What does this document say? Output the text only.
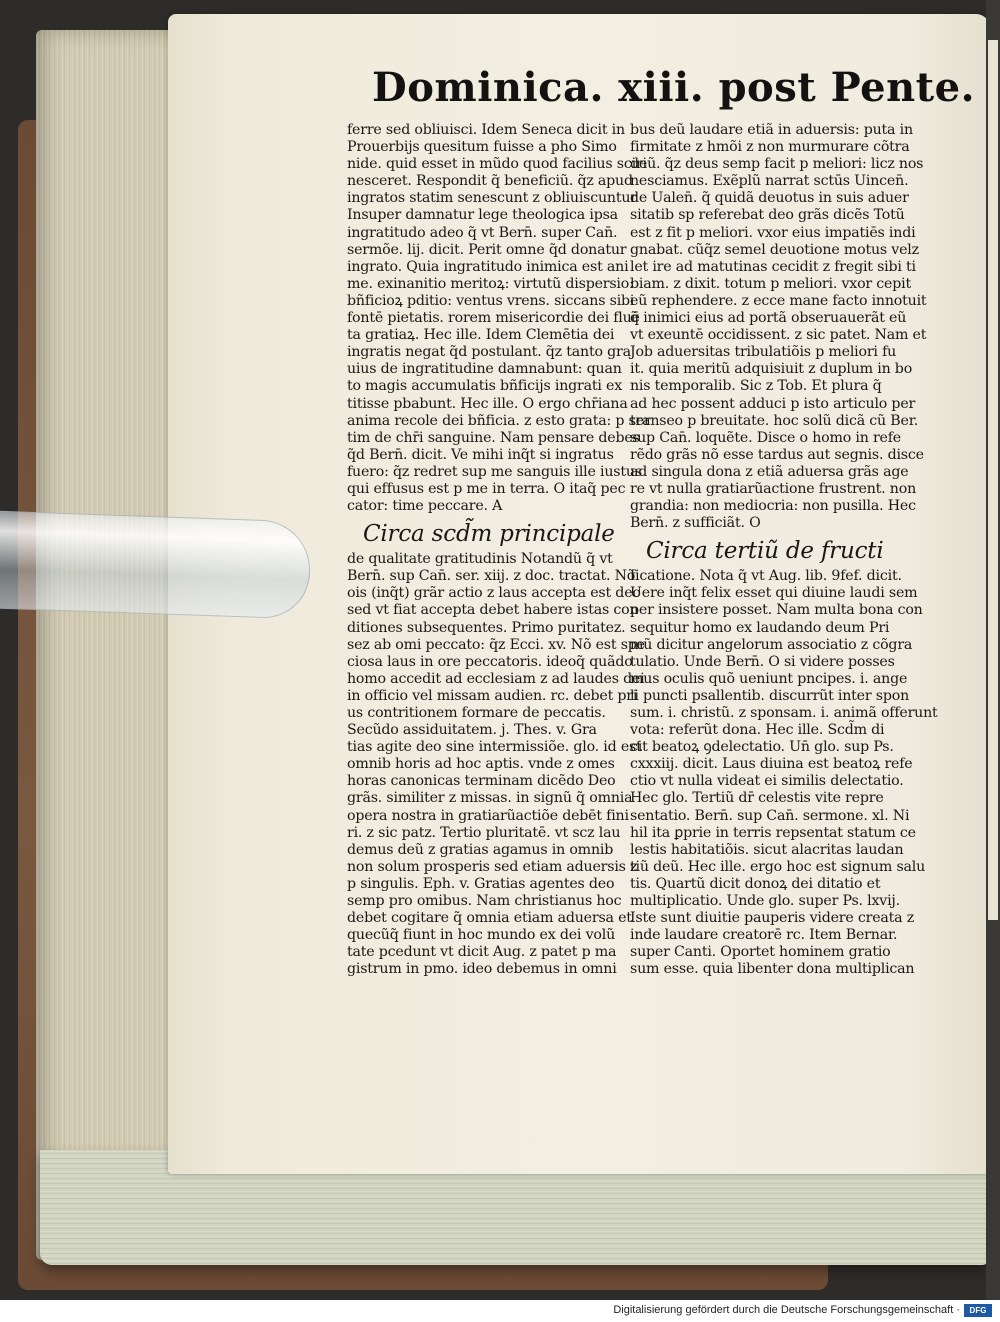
Dominica. xiii. post Pente.
ferre sed obliuisci. Idem Seneca dicit in
Prouerbijs quesitum fuisse a pho Simo
nide. quid esset in mũdo quod facilius sciri
nesceret. Respondit q̃ beneficiũ. q̃z apud
ingratos statim senescunt z obliuiscuntur
Insuper damnatur lege theologica ipsa
ingratitudo adeo q̃ vt Bern̄. super Can̄.
sermõe. lij. dicit. Perit omne q̃d donatur
ingrato. Quia ingratitudo inimica est ani
me. exinanitio meritoꝝ: virtutũ dispersio:
bñficioꝝ pditio: ventus vrens. siccans sibi
fontē pietatis. rorem misericordie dei fluē
ta gratiaꝝ. Hec ille. Idem Clemētia dei
ingratis negat q̃d postulant. q̃z tanto gra
uius de ingratitudine damnabunt: quan
to magis accumulatis bñficijs ingrati ex
titisse pbabunt. Hec ille. O ergo chr̄iana
anima recole dei bñficia. z esto grata: p ser
tim de chr̄i sanguine. Nam pensare debes
q̃d Bern̄. dicit. Ve mihi inq̃t si ingratus
fuero: q̃z redret sup me sanguis ille iustus
qui effusus est p me in terra. O itaq̃ pec
cator: time peccare. A
Circa scd̃m principale
de qualitate gratitudinis Notandũ q̃ vt
Bern̄. sup Can̄. ser. xiij. z doc. tractat. Nõ
ois (inq̃t) grãr actio z laus accepta est deo
sed vt fiat accepta debet habere istas con
ditiones subsequentes. Primo puritatez.
sez ab omi peccato: q̃z Ecci. xv. Nõ est spe
ciosa laus in ore peccatoris. ideoq̃ quãdo
homo accedit ad ecclesiam z ad laudes dei
in officio vel missam audien. rc. debet pri
us contritionem formare de peccatis.
Secũdo assiduitatem. j. Thes. v. Gra
tias agite deo sine intermissiõe. glo. id est
omnib horis ad hoc aptis. vnde z omes
horas canonicas terminam dicẽdo Deo
grãs. similiter z missas. in signũ q̃ omnia
opera nostra in gratiarũactiõe debēt fini
ri. z sic patz. Tertio pluritatē. vt scz lau
demus deũ z gratias agamus in omnib
non solum prosperis sed etiam aduersis z
p singulis. Eph. v. Gratias agentes deo
semp pro omibus. Nam christianus hoc
debet cogitare q̃ omnia etiam aduersa et
quecũq̃ fiunt in hoc mundo ex dei volũ
tate pcedunt vt dicit Aug. z patet p ma
gistrum in pmo. ideo debemus in omni
bus deũ laudare etiã in aduersis: puta in
firmitate z hmõi z non murmurare cõtra
deũ. q̃z deus semp facit p meliori: licz nos
nesciamus. Exẽplũ narrat sctūs Uincen̄.
de Ualen̄. q̃ quidã deuotus in suis aduer
sitatib sp referebat deo grãs dicẽs Totũ
est z fit p meliori. vxor eius impatiēs indi
gnabat. cũq̃z semel deuotione motus velz
let ire ad matutinas cecidit z fregit sibi ti
biam. z dixit. totum p meliori. vxor cepit
eũ rephendere. z ecce mane facto innotuit
q̃ inimici eius ad portã obseruauerãt eũ
vt exeuntē occidissent. z sic patet. Nam et
Job aduersitas tribulatiõis p meliori fu
it. quia meritũ adquisiuit z duplum in bo
nis temporalib. Sic z Tob. Et plura q̃
ad hec possent adduci p isto articulo per
transeo p breuitate. hoc solũ dicã cũ Ber.
sup Can̄. loquẽte. Disce o homo in refe
rẽdo grãs nõ esse tardus aut segnis. disce
ad singula dona z etiã aduersa grãs age
re vt nulla gratiarũactione frustrent. non
grandia: non mediocria: non pusilla. Hec
Bern̄. z sufficiãt. O
Circa tertiũ de fructi
ficatione. Nota q̃ vt Aug. lib. 9fef. dicit.
Uere inq̃t felix esset qui diuine laudi sem
per insistere posset. Nam multa bona con
sequitur homo ex laudando deum Pri
mũ dicitur angelorum associatio z cõgra
tulatio. Unde Bern̄. O si videre posses
mus oculis quõ ueniunt pncipes. i. ange
li puncti psallentib. discurrũt inter spon
sum. i. christũ. z sponsam. i. animã offerunt
vota: referũt dona. Hec ille. Scd̃m di
cit beatoꝝ ꝯdelectatio. Un̄ glo. sup Ps.
cxxxiij. dicit. Laus diuina est beatoꝝ refe
ctio vt nulla videat ei similis delectatio.
Hec glo. Tertiũ dr̄ celestis vite repre
sentatio. Bern̄. sup Can̄. sermone. xl. Ni
hil ita ꝑprie in terris repsentat statum ce
lestis habitatiõis. sicut alacritas laudan
tiũ deũ. Hec ille. ergo hoc est signum salu
tis. Quartũ dicit donoꝝ dei ditatio et
multiplicatio. Unde glo. super Ps. lxvij.
Iste sunt diuitie pauperis videre creata z
inde laudare creatorē rc. Item Bernar.
super Canti. Oportet hominem gratio
sum esse. quia libenter dona multiplican
Digitalisierung gefördert durch die Deutsche Forschungsgemeinschaft ·	DFG
